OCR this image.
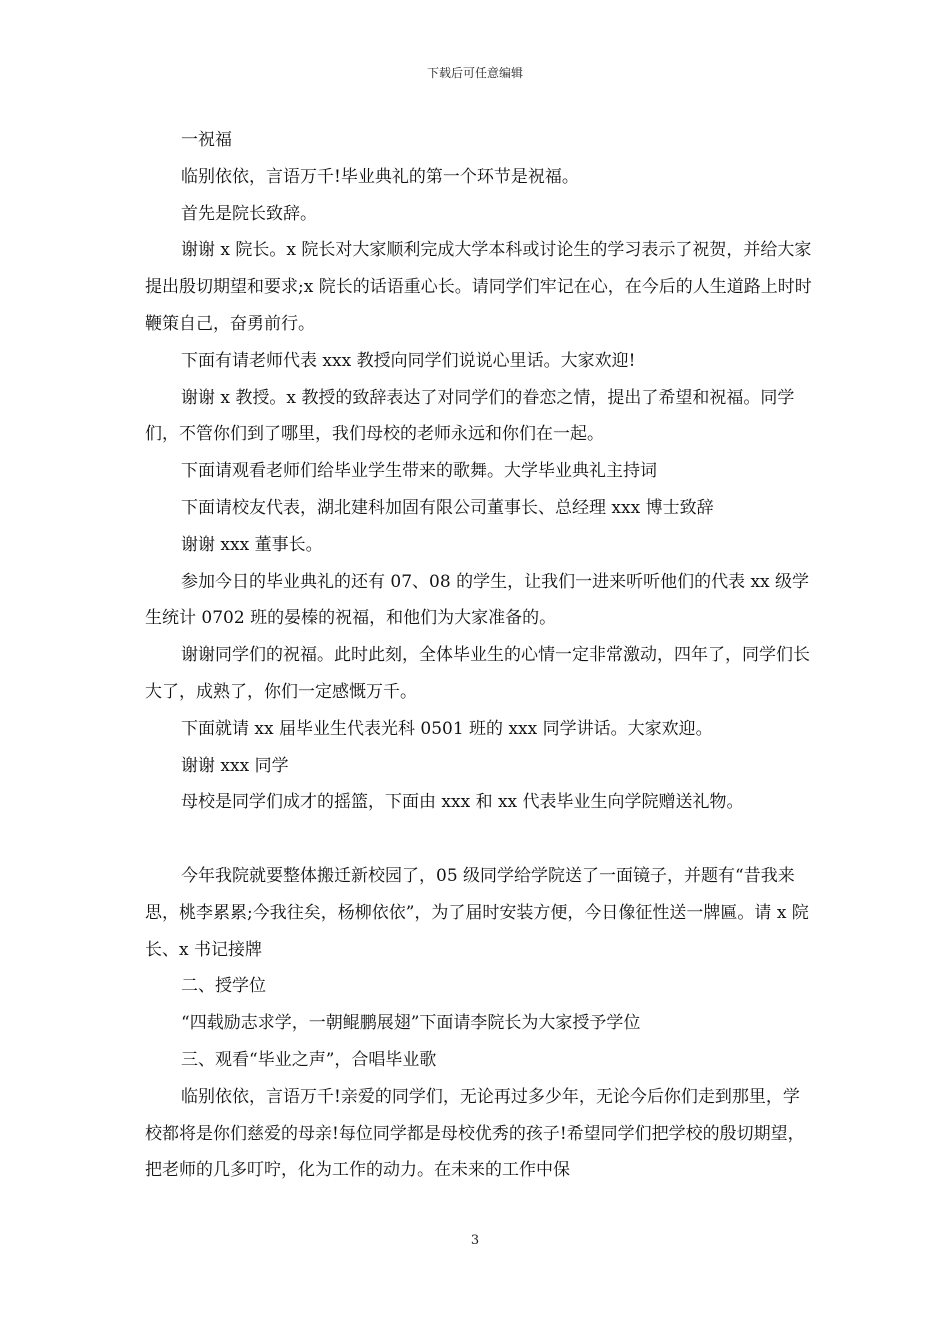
下载后可任意编辑

一祝福

临别依依，言语万千!毕业典礼的第一个环节是祝福。

首先是院长致辞。

谢谢 x 院长。x 院长对大家顺利完成大学本科或讨论生的学习表示了祝贺，并给大家提出殷切期望和要求;x 院长的话语重心长。请同学们牢记在心，在今后的人生道路上时时鞭策自己，奋勇前行。

下面有请老师代表 xxx 教授向同学们说说心里话。大家欢迎!

谢谢 x 教授。x 教授的致辞表达了对同学们的眷恋之情，提出了希望和祝福。同学们，不管你们到了哪里，我们母校的老师永远和你们在一起。

下面请观看老师们给毕业学生带来的歌舞。大学毕业典礼主持词

下面请校友代表，湖北建科加固有限公司董事长、总经理 xxx 博士致辞

谢谢 xxx 董事长。

参加今日的毕业典礼的还有 07、08 的学生，让我们一进来听听他们的代表 xx 级学生统计 0702 班的晏榛的祝福，和他们为大家准备的。

谢谢同学们的祝福。此时此刻，全体毕业生的心情一定非常激动，四年了，同学们长大了，成熟了，你们一定感慨万千。

下面就请 xx 届毕业生代表光科 0501 班的 xxx 同学讲话。大家欢迎。

谢谢 xxx 同学

母校是同学们成才的摇篮，下面由 xxx 和 xx 代表毕业生向学院赠送礼物。

今年我院就要整体搬迁新校园了，05 级同学给学院送了一面镜子，并题有“昔我来思，桃李累累;今我往矣，杨柳依依”，为了届时安装方便，今日像征性送一牌匾。请 x 院长、x 书记接牌

二、授学位

“四载励志求学，一朝鲲鹏展翅”下面请李院长为大家授予学位

三、观看“毕业之声”，合唱毕业歌

临别依依，言语万千!亲爱的同学们，无论再过多少年，无论今后你们走到那里，学校都将是你们慈爱的母亲!每位同学都是母校优秀的孩子!希望同学们把学校的殷切期望，把老师的几多叮咛，化为工作的动力。在未来的工作中保

3
